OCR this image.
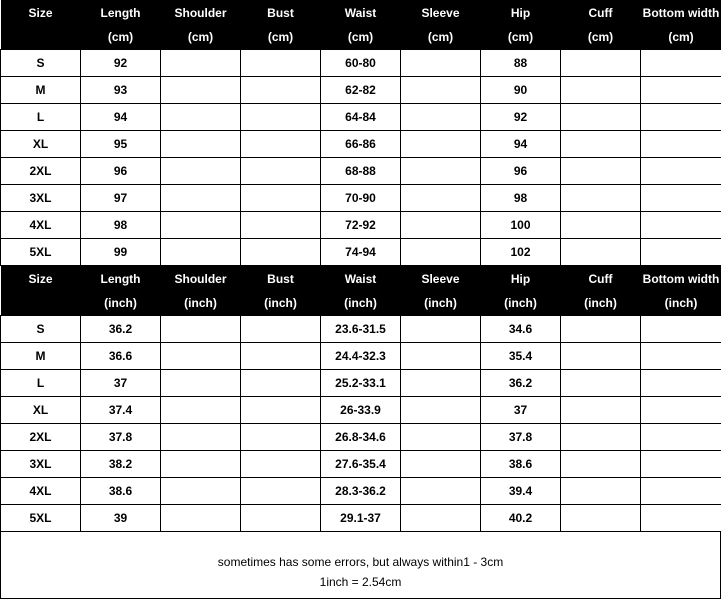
Size	Length	Shoulder	Bust	Waist	Sleeve	Hip	Cuff	Bottom width
	(cm)	(cm)	(cm)	(cm)	(cm)	(cm)	(cm)	(cm)
S	92			60-80		88		
M	93			62-82		90		
L	94			64-84		92		
XL	95			66-86		94		
2XL	96			68-88		96		
3XL	97			70-90		98		
4XL	98			72-92		100		
5XL	99			74-94		102		
Size	Length	Shoulder	Bust	Waist	Sleeve	Hip	Cuff	Bottom width
	(inch)	(inch)	(inch)	(inch)	(inch)	(inch)	(inch)	(inch)
S	36.2			23.6-31.5		34.6		
M	36.6			24.4-32.3		35.4		
L	37			25.2-33.1		36.2		
XL	37.4			26-33.9		37		
2XL	37.8			26.8-34.6		37.8		
3XL	38.2			27.6-35.4		38.6		
4XL	38.6			28.3-36.2		39.4		
5XL	39			29.1-37		40.2		
sometimes has some errors, but always within1 - 3cm
1inch = 2.54cm
